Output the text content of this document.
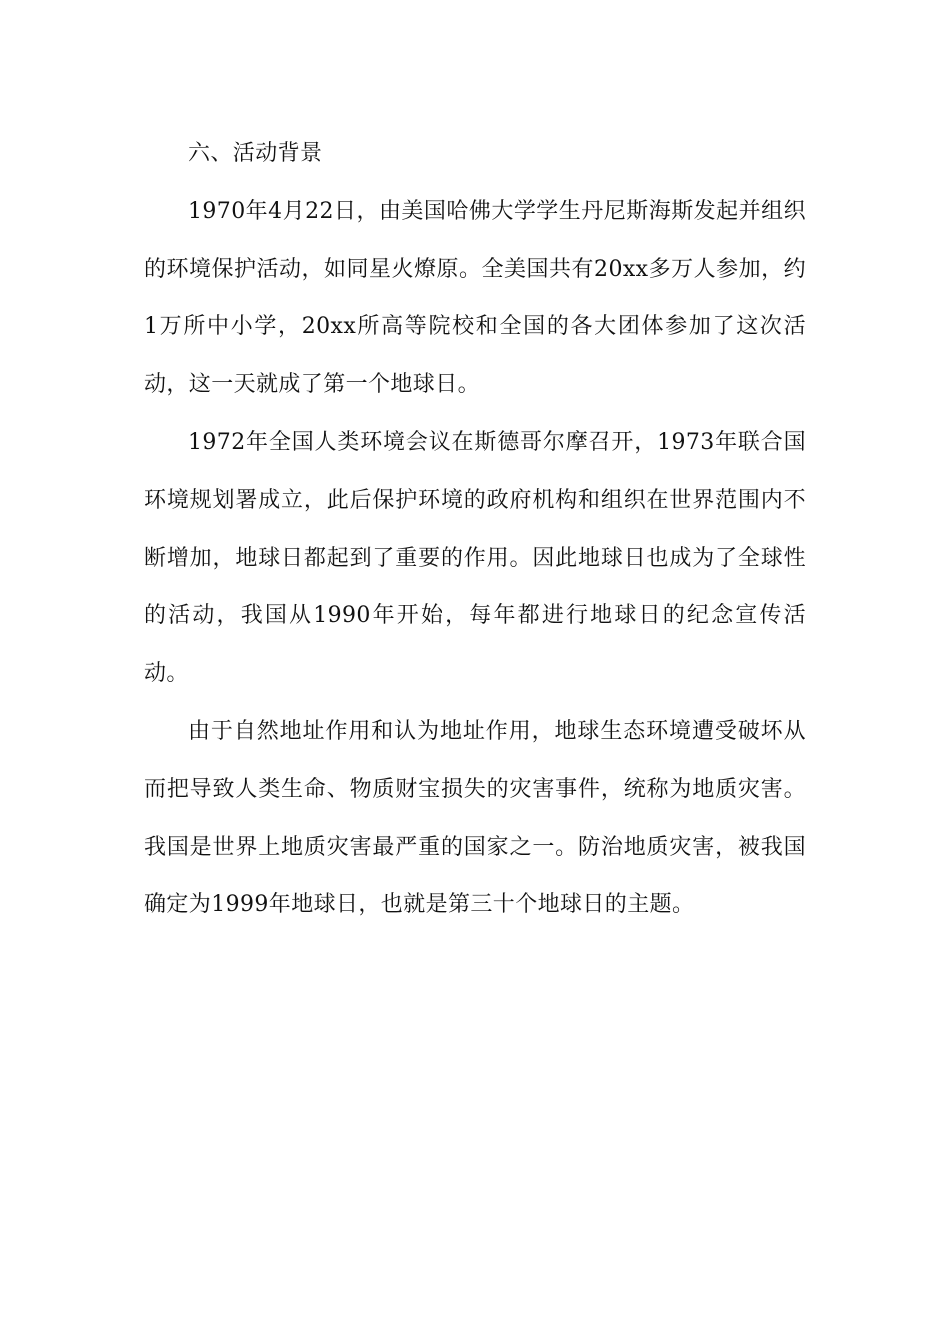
六、活动背景

1970年4月22日，由美国哈佛大学学生丹尼斯海斯发起并组织的环境保护活动，如同星火燎原。全美国共有20xx多万人参加，约1万所中小学，20xx所高等院校和全国的各大团体参加了这次活动，这一天就成了第一个地球日。

1972年全国人类环境会议在斯德哥尔摩召开，1973年联合国环境规划署成立，此后保护环境的政府机构和组织在世界范围内不断增加，地球日都起到了重要的作用。因此地球日也成为了全球性的活动，我国从1990年开始，每年都进行地球日的纪念宣传活动。

由于自然地址作用和认为地址作用，地球生态环境遭受破坏从而把导致人类生命、物质财宝损失的灾害事件，统称为地质灾害。我国是世界上地质灾害最严重的国家之一。防治地质灾害，被我国确定为1999年地球日，也就是第三十个地球日的主题。
